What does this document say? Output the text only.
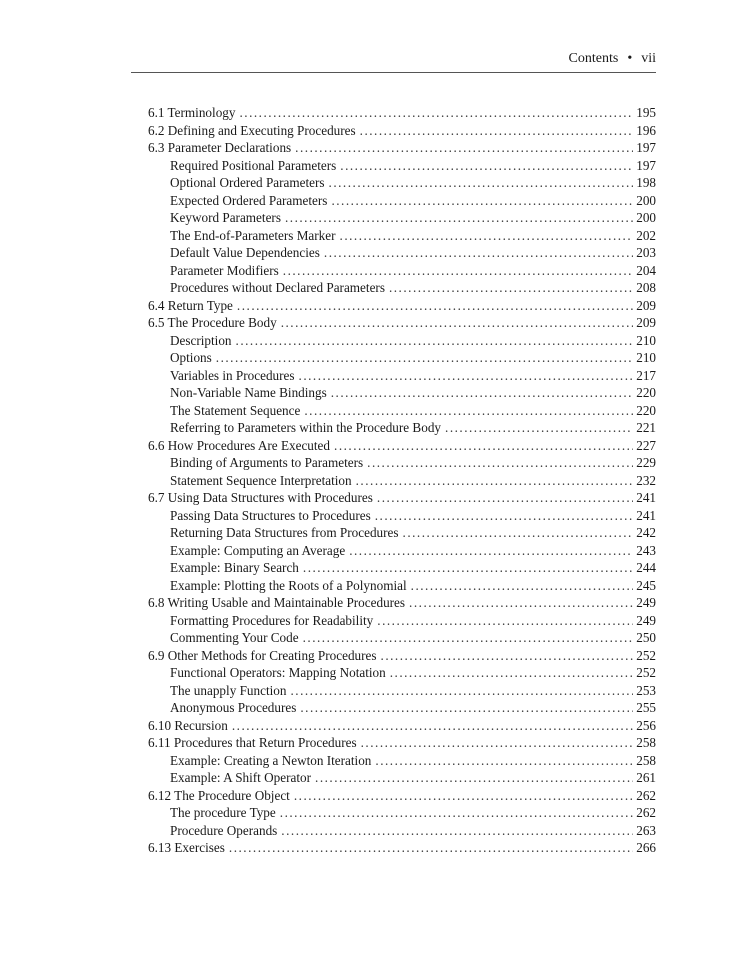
Contents • vii
6.1 Terminology .....	195
6.2 Defining and Executing Procedures .....	196
6.3 Parameter Declarations .....	197
Required Positional Parameters .....	197
Optional Ordered Parameters .....	198
Expected Ordered Parameters .....	200
Keyword Parameters .....	200
The End-of-Parameters Marker .....	202
Default Value Dependencies .....	203
Parameter Modifiers .....	204
Procedures without Declared Parameters .....	208
6.4 Return Type .....	209
6.5 The Procedure Body .....	209
Description .....	210
Options .....	210
Variables in Procedures .....	217
Non-Variable Name Bindings .....	220
The Statement Sequence .....	220
Referring to Parameters within the Procedure Body .....	221
6.6 How Procedures Are Executed .....	227
Binding of Arguments to Parameters .....	229
Statement Sequence Interpretation .....	232
6.7 Using Data Structures with Procedures .....	241
Passing Data Structures to Procedures .....	241
Returning Data Structures from Procedures .....	242
Example: Computing an Average .....	243
Example: Binary Search .....	244
Example: Plotting the Roots of a Polynomial .....	245
6.8 Writing Usable and Maintainable Procedures .....	249
Formatting Procedures for Readability .....	249
Commenting Your Code .....	250
6.9 Other Methods for Creating Procedures .....	252
Functional Operators: Mapping Notation .....	252
The unapply Function .....	253
Anonymous Procedures .....	255
6.10 Recursion .....	256
6.11 Procedures that Return Procedures .....	258
Example: Creating a Newton Iteration .....	258
Example: A Shift Operator .....	261
6.12 The Procedure Object .....	262
The procedure Type .....	262
Procedure Operands .....	263
6.13 Exercises .....	266
